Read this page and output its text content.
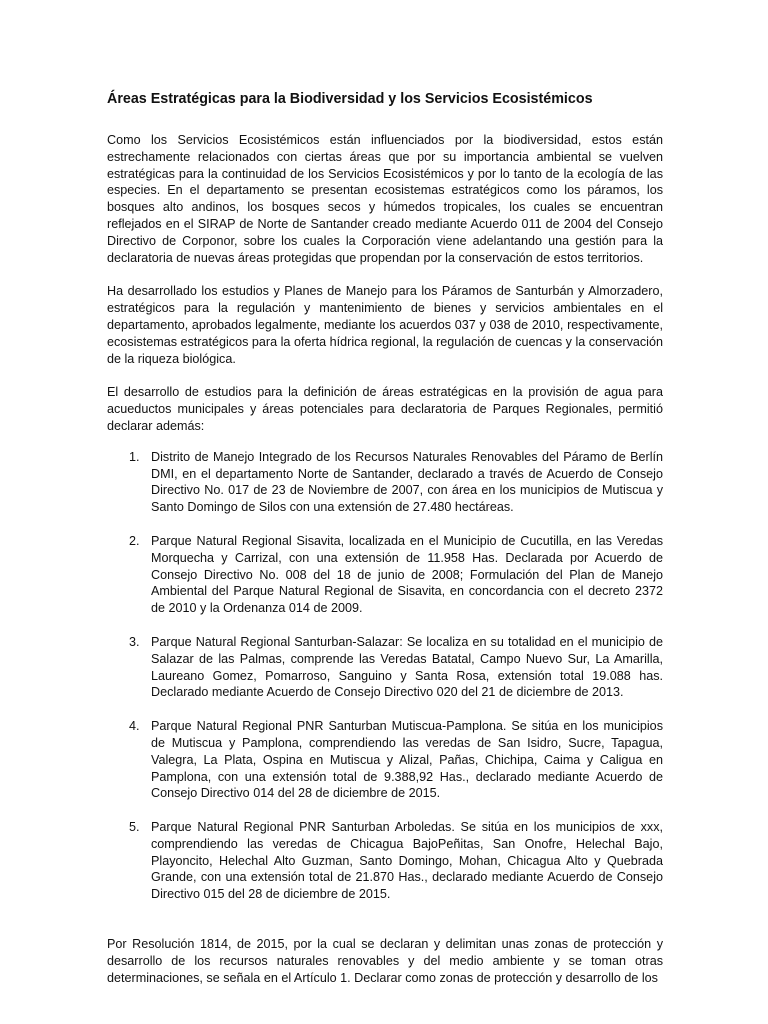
Áreas Estratégicas para la Biodiversidad y los Servicios Ecosistémicos

Como los Servicios Ecosistémicos están influenciados por la biodiversidad, estos están estrechamente relacionados con ciertas áreas que por su importancia ambiental se vuelven estratégicas para la continuidad de los Servicios Ecosistémicos y por lo tanto de la ecología de las especies. En el departamento se presentan ecosistemas estratégicos como los páramos, los bosques alto andinos, los bosques secos y húmedos tropicales, los cuales se encuentran reflejados en el SIRAP de Norte de Santander creado mediante Acuerdo 011 de 2004 del Consejo Directivo de Corponor, sobre los cuales la Corporación viene adelantando una gestión para la declaratoria de nuevas áreas protegidas que propendan por la conservación de estos territorios.

Ha desarrollado los estudios y Planes de Manejo para los Páramos de Santurbán y Almorzadero, estratégicos para la regulación y mantenimiento de bienes y servicios ambientales en el departamento, aprobados legalmente, mediante los acuerdos 037 y 038 de 2010, respectivamente, ecosistemas estratégicos para la oferta hídrica regional, la regulación de cuencas y la conservación de la riqueza biológica.

El desarrollo de estudios para la definición de áreas estratégicas en la provisión de agua para acueductos municipales y áreas potenciales para declaratoria de Parques Regionales, permitió declarar además:

1. Distrito de Manejo Integrado de los Recursos Naturales Renovables del Páramo de Berlín DMI, en el departamento Norte de Santander, declarado a través de Acuerdo de Consejo Directivo No. 017 de 23 de Noviembre de 2007, con área en los municipios de Mutiscua y Santo Domingo de Silos con una extensión de 27.480 hectáreas.
2. Parque Natural Regional Sisavita, localizada en el Municipio de Cucutilla, en las Veredas Morquecha y Carrizal, con una extensión de 11.958 Has. Declarada por Acuerdo de Consejo Directivo No. 008 del 18 de junio de 2008; Formulación del Plan de Manejo Ambiental del Parque Natural Regional de Sisavita, en concordancia con el decreto 2372 de 2010 y la Ordenanza 014 de 2009.
3. Parque Natural Regional Santurban-Salazar: Se localiza en su totalidad en el municipio de Salazar de las Palmas, comprende las Veredas Batatal, Campo Nuevo Sur, La Amarilla, Laureano Gomez, Pomarroso, Sanguino y Santa Rosa, extensión total 19.088 has. Declarado mediante Acuerdo de Consejo Directivo 020 del 21 de diciembre de 2013.
4. Parque Natural Regional PNR Santurban Mutiscua-Pamplona. Se sitúa en los municipios de Mutiscua y Pamplona, comprendiendo las veredas de San Isidro, Sucre, Tapagua, Valegra, La Plata, Ospina en Mutiscua y Alizal, Pañas, Chichipa, Caima y Caligua en Pamplona, con una extensión total de 9.388,92 Has., declarado mediante Acuerdo de Consejo Directivo 014 del 28 de diciembre de 2015.
5. Parque Natural Regional PNR Santurban Arboledas. Se sitúa en los municipios de xxx, comprendiendo las veredas de Chicagua BajoPeñitas, San Onofre, Helechal Bajo, Playoncito, Helechal Alto Guzman, Santo Domingo, Mohan, Chicagua Alto y Quebrada Grande, con una extensión total de 21.870 Has., declarado mediante Acuerdo de Consejo Directivo 015 del 28 de diciembre de 2015.

Por Resolución 1814, de 2015, por la cual se declaran y delimitan unas zonas de protección y desarrollo de los recursos naturales renovables y del medio ambiente y se toman otras determinaciones, se señala en el Artículo 1. Declarar como zonas de protección y desarrollo de los
